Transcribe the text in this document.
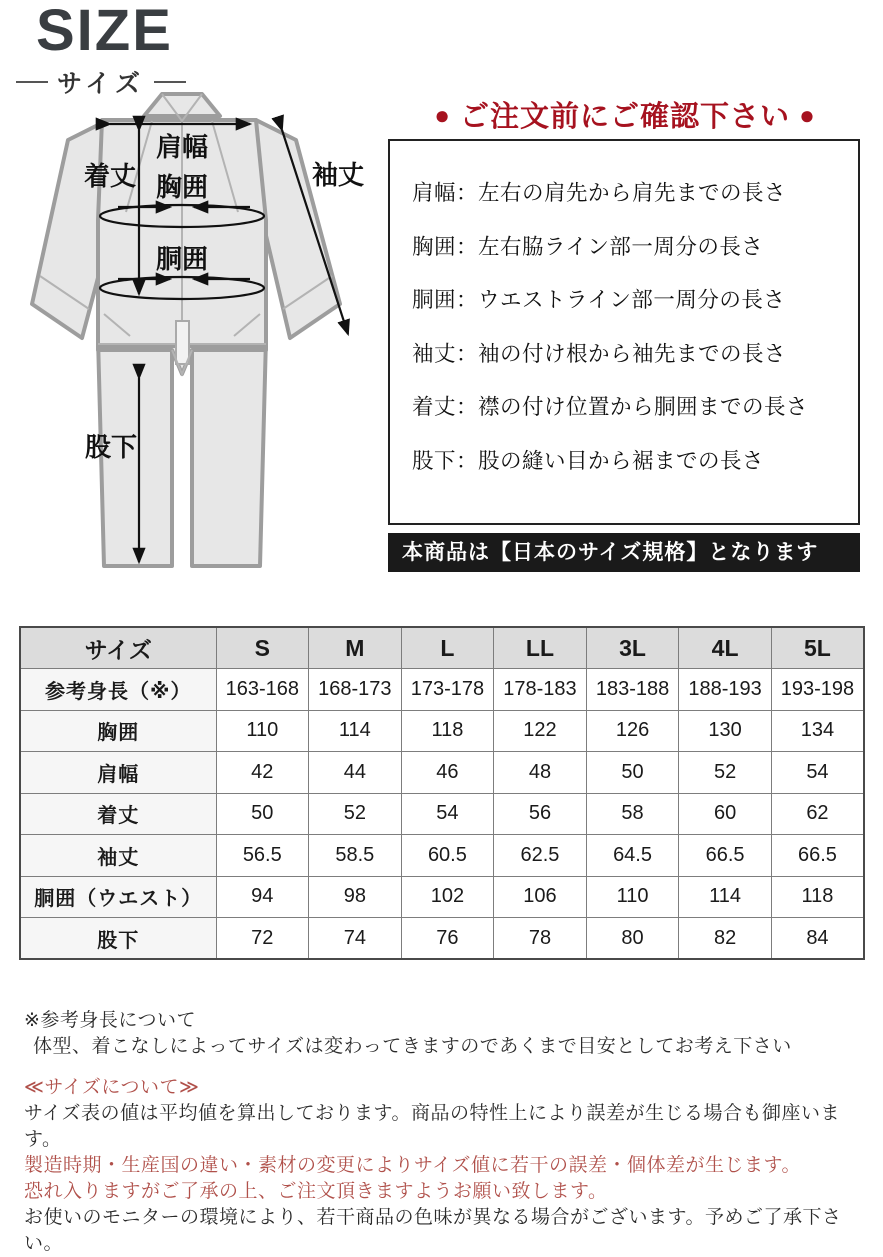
SIZE
サイズ
肩幅
着丈 胸囲
胴囲
袖丈
股下
● ご注文前にご確認下さい ●
肩幅：左右の肩先から肩先までの長さ
胸囲：左右脇ライン部一周分の長さ
胴囲：ウエストライン部一周分の長さ
袖丈：袖の付け根から袖先までの長さ
着丈：襟の付け位置から胴囲までの長さ
股下：股の縫い目から裾までの長さ
本商品は【日本のサイズ規格】となります
サイズ	S	M	L	LL	3L	4L	5L
参考身長（※）	163-168	168-173	173-178	178-183	183-188	188-193	193-198
胸囲	110	114	118	122	126	130	134
肩幅	42	44	46	48	50	52	54
着丈	50	52	54	56	58	60	62
袖丈	56.5	58.5	60.5	62.5	64.5	66.5	66.5
胴囲（ウエスト）	94	98	102	106	110	114	118
股下	72	74	76	78	80	82	84
※参考身長について
体型、着こなしによってサイズは変わってきますのであくまで目安としてお考え下さい
≪サイズについて≫
サイズ表の値は平均値を算出しております。商品の特性上により誤差が生じる場合も御座います。
製造時期・生産国の違い・素材の変更によりサイズ値に若干の誤差・個体差が生じます。
恐れ入りますがご了承の上、ご注文頂きますようお願い致します。
お使いのモニターの環境により、若干商品の色味が異なる場合がございます。予めご了承下さい。
